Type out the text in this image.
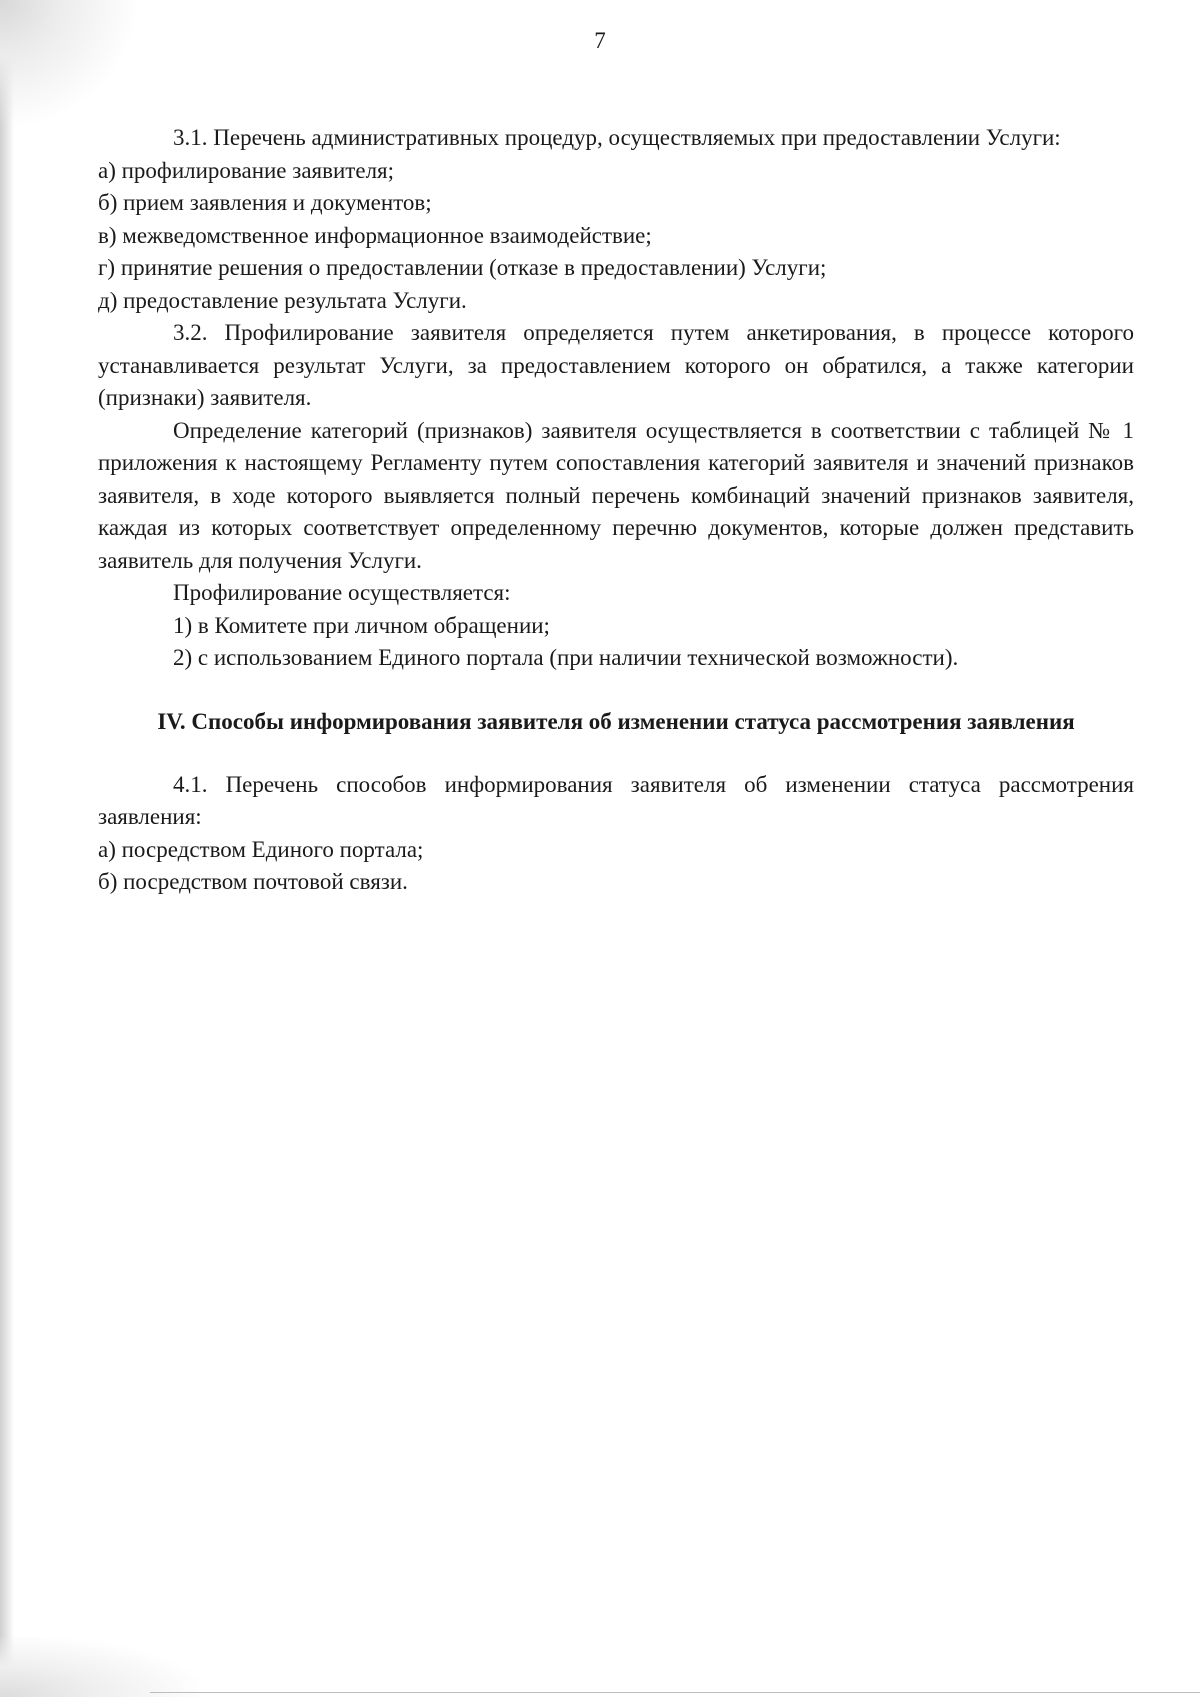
7

3.1. Перечень административных процедур, осуществляемых при предоставлении Услуги:

а) профилирование заявителя;

б) прием заявления и документов;

в) межведомственное информационное взаимодействие;

г) принятие решения о предоставлении (отказе в предоставлении) Услуги;

д) предоставление результата Услуги.

3.2. Профилирование заявителя определяется путем анкетирования, в процессе которого устанавливается результат Услуги, за предоставлением которого он обратился, а также категории (признаки) заявителя.

Определение категорий (признаков) заявителя осуществляется в соответствии с таблицей № 1 приложения к настоящему Регламенту путем сопоставления категорий заявителя и значений признаков заявителя, в ходе которого выявляется полный перечень комбинаций значений признаков заявителя, каждая из которых соответствует определенному перечню документов, которые должен представить заявитель для получения Услуги.

Профилирование осуществляется:

1) в Комитете при личном обращении;

2) с использованием Единого портала (при наличии технической возможности).

IV. Способы информирования заявителя об изменении статуса рассмотрения заявления

4.1. Перечень способов информирования заявителя об изменении статуса рассмотрения заявления:

а) посредством Единого портала;

б) посредством почтовой связи.
